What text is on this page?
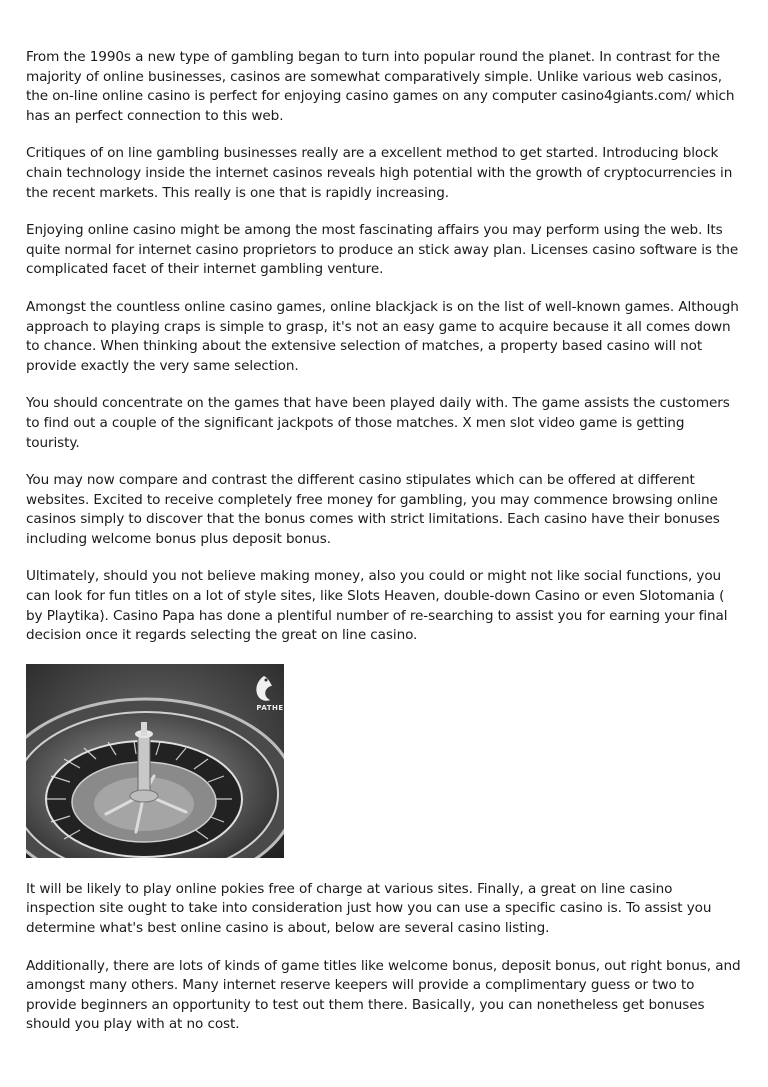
From the 1990s a new type of gambling began to turn into popular round the planet. In contrast for the majority of online businesses, casinos are somewhat comparatively simple. Unlike various web casinos, the on-line online casino is perfect for enjoying casino games on any computer casino4giants.com/ which has an perfect connection to this web.

Critiques of on line gambling businesses really are a excellent method to get started. Introducing block chain technology inside the internet casinos reveals high potential with the growth of cryptocurrencies in the recent markets. This really is one that is rapidly increasing.

Enjoying online casino might be among the most fascinating affairs you may perform using the web. Its quite normal for internet casino proprietors to produce an stick away plan. Licenses casino software is the complicated facet of their internet gambling venture.

Amongst the countless online casino games, online blackjack is on the list of well-known games. Although approach to playing craps is simple to grasp, it's not an easy game to acquire because it all comes down to chance. When thinking about the extensive selection of matches, a property based casino will not provide exactly the very same selection.

You should concentrate on the games that have been played daily with. The game assists the customers to find out a couple of the significant jackpots of those matches. X men slot video game is getting touristy.

You may now compare and contrast the different casino stipulates which can be offered at different websites. Excited to receive completely free money for gambling, you may commence browsing online casinos simply to discover that the bonus comes with strict limitations. Each casino have their bonuses including welcome bonus plus deposit bonus.

Ultimately, should you not believe making money, also you could or might not like social functions, you can look for fun titles on a lot of style sites, like Slots Heaven, double-down Casino or even Slotomania ( by Playtika). Casino Papa has done a plentiful number of re-searching to assist you for earning your final decision once it regards selecting the great on line casino.

PATHE

It will be likely to play online pokies free of charge at various sites. Finally, a great on line casino inspection site ought to take into consideration just how you can use a specific casino is. To assist you determine what's best online casino is about, below are several casino listing.

Additionally, there are lots of kinds of game titles like welcome bonus, deposit bonus, out right bonus, and amongst many others. Many internet reserve keepers will provide a complimentary guess or two to provide beginners an opportunity to test out them there. Basically, you can nonetheless get bonuses should you play with at no cost.
